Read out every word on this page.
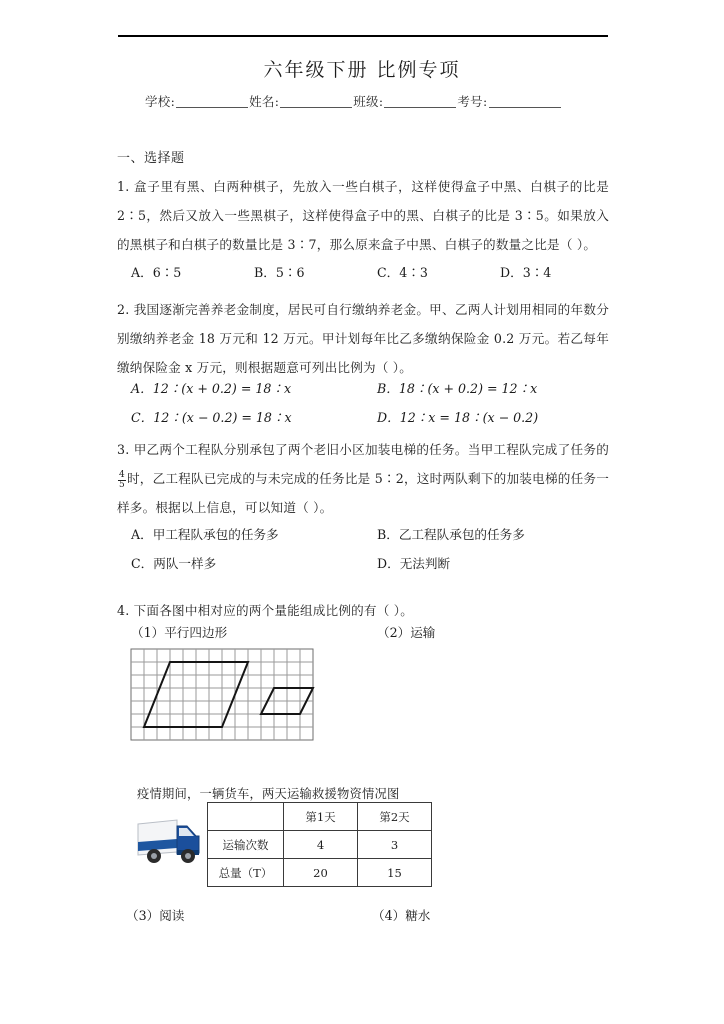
六年级下册 比例专项
学校:	姓名:	班级:	考号:
一、选择题
1. 盒子里有黑、白两种棋子，先放入一些白棋子，这样使得盒子中黑、白棋子的比是2∶5，然后又放入一些黑棋子，这样使得盒子中的黑、白棋子的比是 3∶5。如果放入的黑棋子和白棋子的数量比是 3∶7，那么原来盒子中黑、白棋子的数量之比是（ ）。
A．6∶5	B．5∶6	C．4∶3	D．3∶4
2. 我国逐渐完善养老金制度，居民可自行缴纳养老金。甲、乙两人计划用相同的年数分别缴纳养老金 18 万元和 12 万元。甲计划每年比乙多缴纳保险金 0.2 万元。若乙每年缴纳保险金 x 万元，则根据题意可列出比例为（ ）。
A．12∶(x + 0.2) = 18∶x	B．18∶(x + 0.2) = 12∶x
C．12∶(x − 0.2) = 18∶x	D．12∶x = 18∶(x − 0.2)
3. 甲乙两个工程队分别承包了两个老旧小区加装电梯的任务。当甲工程队完成了任务的
$\frac{4}{5}$ 时，乙工程队已完成的与未完成的任务比是 5∶2，这时两队剩下的加装电梯的任务一样多。根据以上信息，可以知道（ ）。
A．甲工程队承包的任务多	B．乙工程队承包的任务多
C．两队一样多	D．无法判断
4. 下面各图中相对应的两个量能组成比例的有（ ）。
（1）平行四边形	（2）运输
疫情期间，一辆货车，两天运输救援物资情况图
	第1天	第2天
运输次数	4	3
总量（T）	20	15
（3）阅读	（4）糖水
